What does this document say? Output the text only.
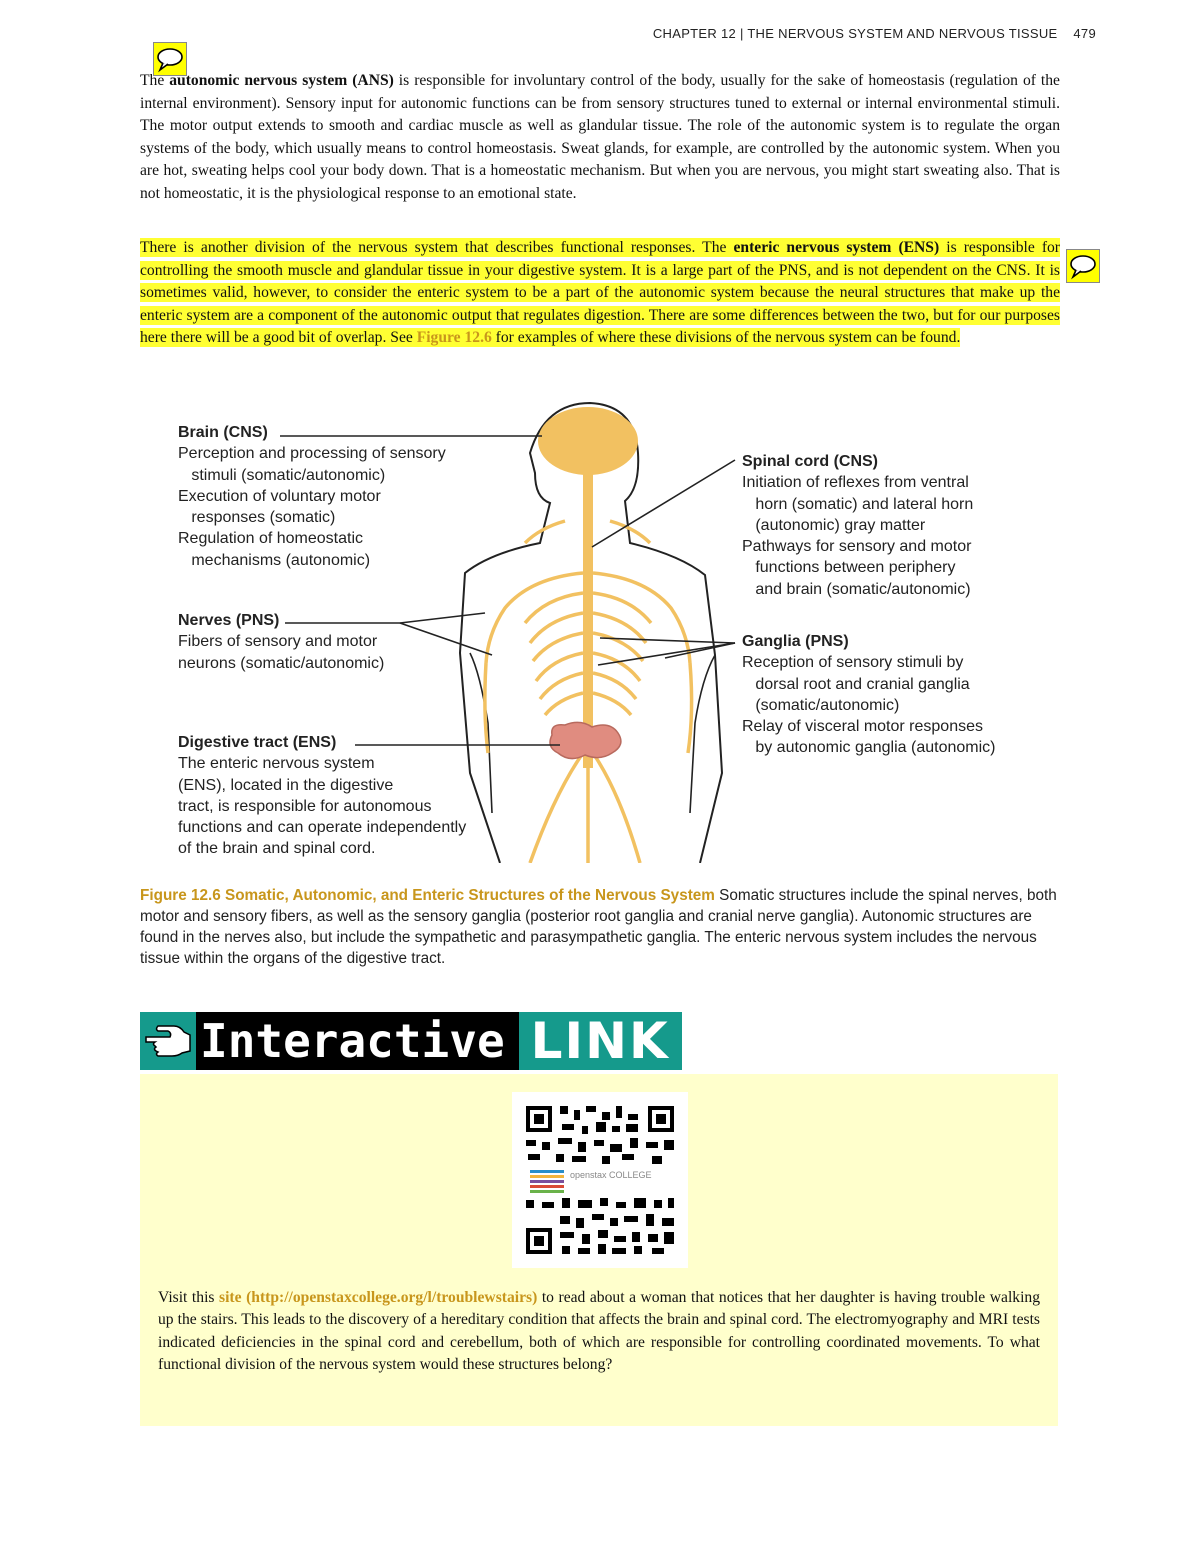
CHAPTER 12 | THE NERVOUS SYSTEM AND NERVOUS TISSUE 479

The autonomic nervous system (ANS) is responsible for involuntary control of the body, usually for the sake of homeostasis (regulation of the internal environment). Sensory input for autonomic functions can be from sensory structures tuned to external or internal environmental stimuli. The motor output extends to smooth and cardiac muscle as well as glandular tissue. The role of the autonomic system is to regulate the organ systems of the body, which usually means to control homeostasis. Sweat glands, for example, are controlled by the autonomic system. When you are hot, sweating helps cool your body down. That is a homeostatic mechanism. But when you are nervous, you might start sweating also. That is not homeostatic, it is the physiological response to an emotional state.

There is another division of the nervous system that describes functional responses. The enteric nervous system (ENS) is responsible for controlling the smooth muscle and glandular tissue in your digestive system. It is a large part of the PNS, and is not dependent on the CNS. It is sometimes valid, however, to consider the enteric system to be a part of the autonomic system because the neural structures that make up the enteric system are a component of the autonomic output that regulates digestion. There are some differences between the two, but for our purposes here there will be a good bit of overlap. See Figure 12.6 for examples of where these divisions of the nervous system can be found.

Brain (CNS)
Perception and processing of sensory
stimuli (somatic/autonomic)
Execution of voluntary motor
responses (somatic)
Regulation of homeostatic
mechanisms (autonomic)
Nerves (PNS)
Fibers of sensory and motor
neurons (somatic/autonomic)
Digestive tract (ENS)
The enteric nervous system
(ENS), located in the digestive
tract, is responsible for autonomous
functions and can operate independently
of the brain and spinal cord.
Spinal cord (CNS)
Initiation of reflexes from ventral
horn (somatic) and lateral horn
(autonomic) gray matter
Pathways for sensory and motor
functions between periphery
and brain (somatic/autonomic)
Ganglia (PNS)
Reception of sensory stimuli by
dorsal root and cranial ganglia
(somatic/autonomic)
Relay of visceral motor responses
by autonomic ganglia (autonomic)

Figure 12.6 Somatic, Autonomic, and Enteric Structures of the Nervous System Somatic structures include the spinal nerves, both motor and sensory fibers, as well as the sensory ganglia (posterior root ganglia and cranial nerve ganglia). Autonomic structures are found in the nerves also, but include the sympathetic and parasympathetic ganglia. The enteric nervous system includes the nervous tissue within the organs of the digestive tract.

Interactive LINK
openstax COLLEGE

Visit this site (http://openstaxcollege.org/l/troublewstairs) to read about a woman that notices that her daughter is having trouble walking up the stairs. This leads to the discovery of a hereditary condition that affects the brain and spinal cord. The electromyography and MRI tests indicated deficiencies in the spinal cord and cerebellum, both of which are responsible for controlling coordinated movements. To what functional division of the nervous system would these structures belong?
